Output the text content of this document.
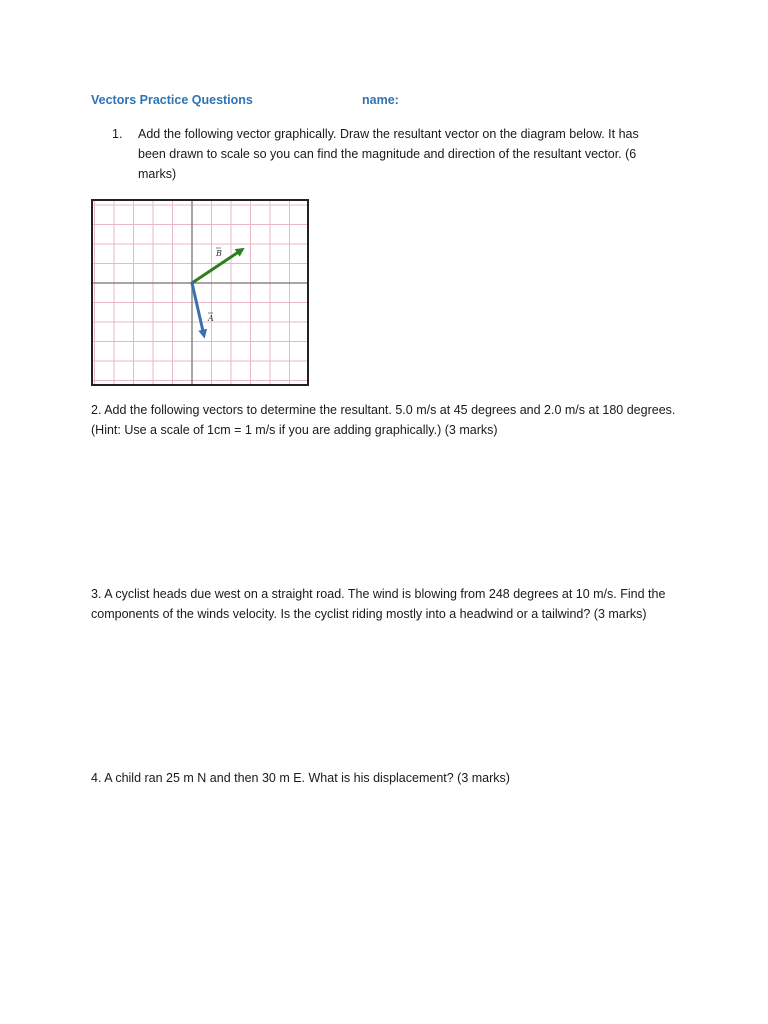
Vectors Practice Questions	name:
1. Add the following vector graphically. Draw the resultant vector on the diagram below. It has been drawn to scale so you can find the magnitude and direction of the resultant vector. (6 marks)
B
A
2. Add the following vectors to determine the resultant. 5.0 m/s at 45 degrees and 2.0 m/s at 180 degrees. (Hint: Use a scale of 1cm = 1 m/s if you are adding graphically.) (3 marks)
3. A cyclist heads due west on a straight road. The wind is blowing from 248 degrees at 10 m/s. Find the components of the winds velocity. Is the cyclist riding mostly into a headwind or a tailwind? (3 marks)
4. A child ran 25 m N and then 30 m E. What is his displacement? (3 marks)
